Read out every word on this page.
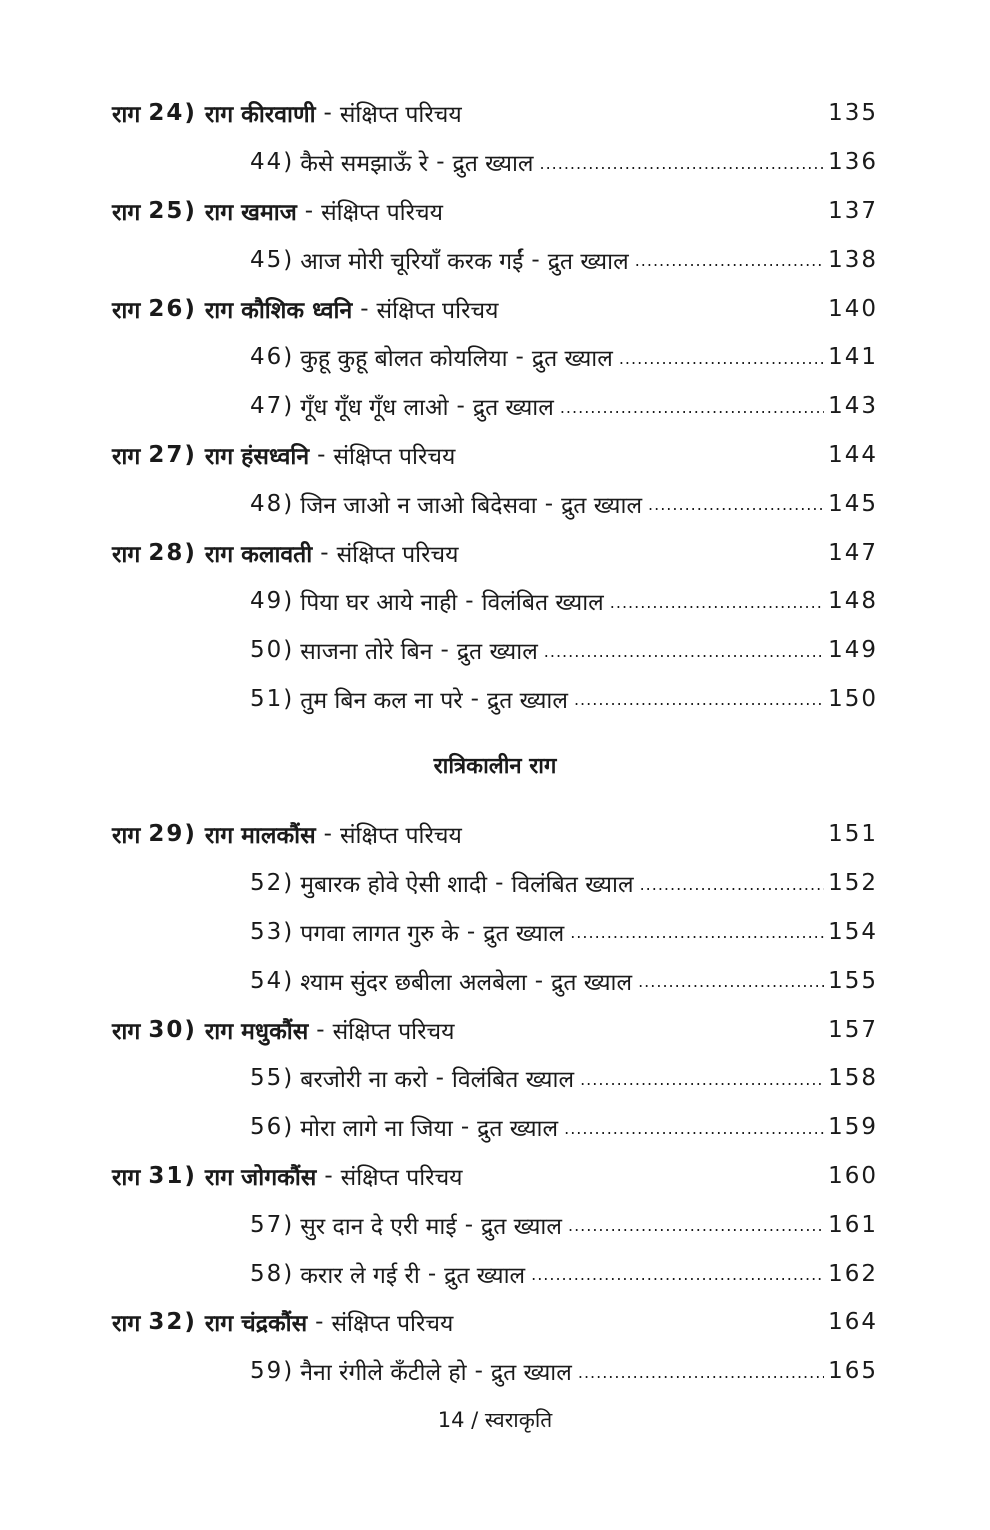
राग 24) राग कीरवाणी - संक्षिप्त परिचय	135
44) कैसे समझाऊँ रे - द्रुत ख्याल .....	136
राग 25) राग खमाज - संक्षिप्त परिचय	137
45) आज मोरी चूरियाँ करक गईं - द्रुत ख्याल .....	138
राग 26) राग कौशिक ध्वनि - संक्षिप्त परिचय	140
46) कुहू कुहू बोलत कोयलिया - द्रुत ख्याल .....	141
47) गूँध गूँध गूँध लाओ - द्रुत ख्याल .....	143
राग 27) राग हंसध्वनि - संक्षिप्त परिचय	144
48) जिन जाओ न जाओ बिदेसवा - द्रुत ख्याल .....	145
राग 28) राग कलावती - संक्षिप्त परिचय	147
49) पिया घर आये नाही - विलंबित ख्याल .....	148
50) साजना तोरे बिन - द्रुत ख्याल .....	149
51) तुम बिन कल ना परे - द्रुत ख्याल .....	150
रात्रिकालीन राग
राग 29) राग मालकौंस - संक्षिप्त परिचय	151
52) मुबारक होवे ऐसी शादी - विलंबित ख्याल .....	152
53) पगवा लागत गुरु के - द्रुत ख्याल .....	154
54) श्याम सुंदर छबीला अलबेला - द्रुत ख्याल .....	155
राग 30) राग मधुकौंस - संक्षिप्त परिचय	157
55) बरजोरी ना करो - विलंबित ख्याल .....	158
56) मोरा लागे ना जिया - द्रुत ख्याल .....	159
राग 31) राग जोगकौंस - संक्षिप्त परिचय	160
57) सुर दान दे एरी माई - द्रुत ख्याल .....	161
58) करार ले गई री - द्रुत ख्याल .....	162
राग 32) राग चंद्रकौंस - संक्षिप्त परिचय	164
59) नैना रंगीले कँटीले हो - द्रुत ख्याल .....	165
14 / स्वराकृति
